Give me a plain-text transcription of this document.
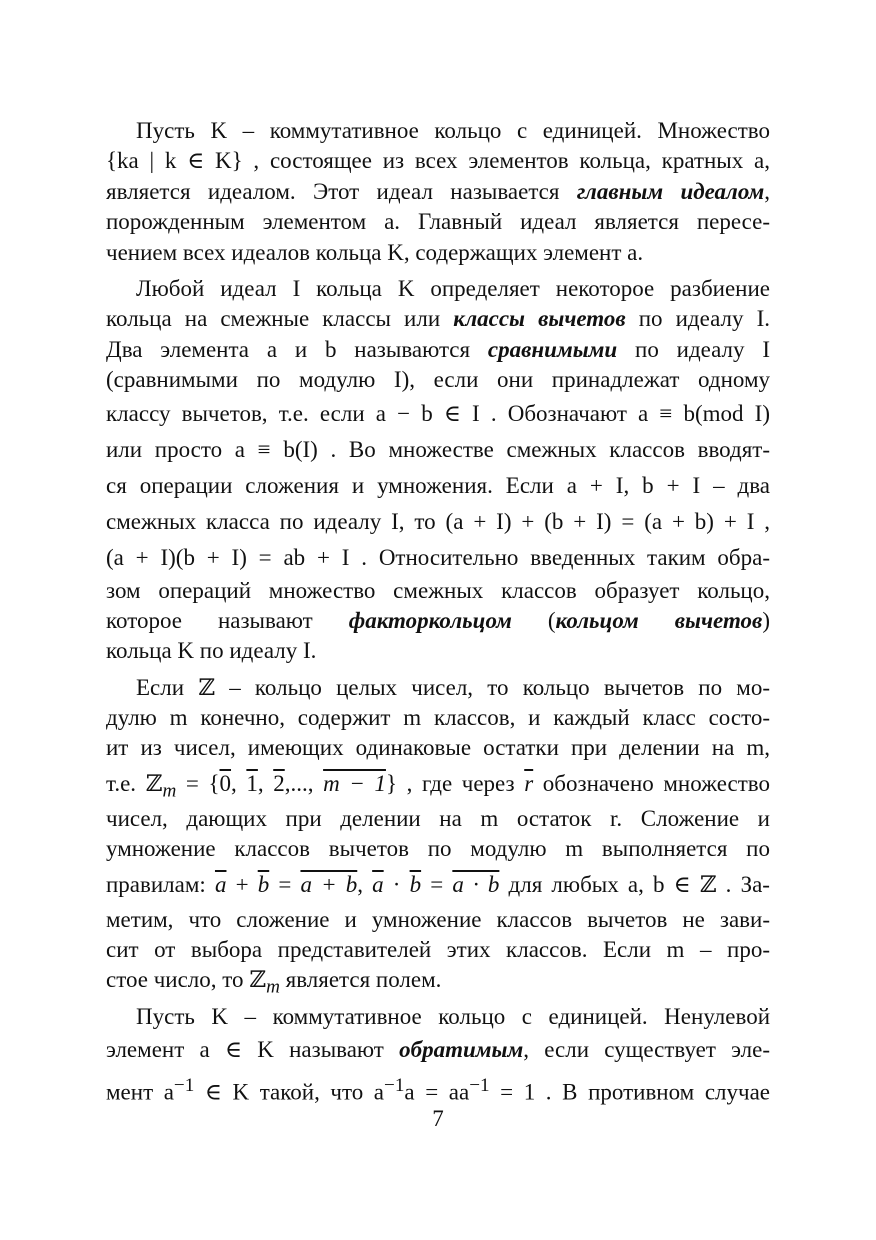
Пусть K – коммутативное кольцо с единицей. Множество
{ka | k ∈ K} , состоящее из всех элементов кольца, кратных a,
является идеалом. Этот идеал называется главным идеалом,
порожденным элементом a. Главный идеал является пересе-
чением всех идеалов кольца K, содержащих элемент a.
Любой идеал I кольца K определяет некоторое разбиение
кольца на смежные классы или классы вычетов по идеалу I.
Два элемента a и b называются сравнимыми по идеалу I
(сравнимыми по модулю I), если они принадлежат одному
классу вычетов, т.е. если a − b ∈ I . Обозначают a ≡ b(mod I)
или просто a ≡ b(I) . Во множестве смежных классов вводят-
ся операции сложения и умножения. Если a + I, b + I – два
смежных класса по идеалу I, то (a + I) + (b + I) = (a + b) + I ,
(a + I)(b + I) = ab + I . Относительно введенных таким обра-
зом операций множество смежных классов образует кольцо,
которое называют факторкольцом (кольцом вычетов)
кольца K по идеалу I.
Если ℤ – кольцо целых чисел, то кольцо вычетов по мо-
дулю m конечно, содержит m классов, и каждый класс состо-
ит из чисел, имеющих одинаковые остатки при делении на m,
т.е. ℤ$_m$ = {0, 1, 2,..., m − 1} , где через $\overline{r}$ обозначено множество
чисел, дающих при делении на m остаток r. Сложение и
умножение классов вычетов по модулю m выполняется по
правилам: $\overline{a} + \overline{b} = a + b$, $\overline{a} \cdot \overline{b} = a \cdot b$ для любых a, b ∈ ℤ . За-
метим, что сложение и умножение классов вычетов не зави-
сит от выбора представителей этих классов. Если m – про-
стое число, то ℤ$_m$ является полем.
Пусть K – коммутативное кольцо с единицей. Ненулевой
элемент a ∈ K называют обратимым, если существует эле-
мент $a^{-1}$ ∈ K такой, что $a^{-1}a = aa^{-1} = 1$ . В противном случае
7
